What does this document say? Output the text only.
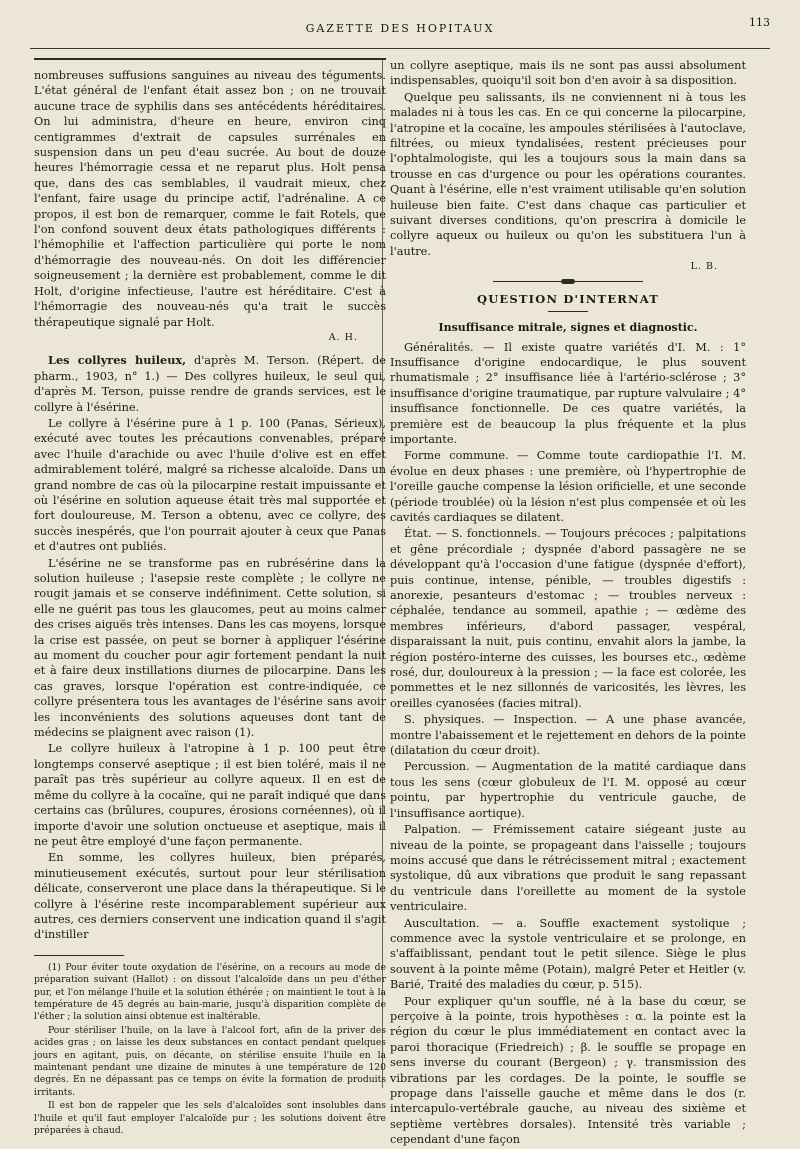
GAZETTE DES HOPITAUX	113

nombreuses suffusions sanguines au niveau des téguments. L'état général de l'enfant était assez bon ; on ne trouvait aucune trace de syphilis dans ses antécédents héréditaires. On lui administra, d'heure en heure, environ cinq centigrammes d'extrait de capsules surrénales en suspension dans un peu d'eau sucrée. Au bout de douze heures l'hémorragie cessa et ne reparut plus. Holt pensa que, dans des cas semblables, il vaudrait mieux, chez l'enfant, faire usage du principe actif, l'adrénaline. A ce propos, il est bon de remarquer, comme le fait Rotels, que l'on confond souvent deux états pathologiques différents : l'hémophilie et l'affection particulière qui porte le nom d'hémorragie des nouveau-nés. On doit les différencier soigneusement ; la dernière est probablement, comme le dit Holt, d'origine infectieuse, l'autre est héréditaire. C'est à l'hémorragie des nouveau-nés qu'a trait le succès thérapeutique signalé par Holt.

A. H.

Les collyres huileux, d'après M. Terson. (Répert. de pharm., 1903, n° 1.) — Des collyres huileux, le seul qui, d'après M. Terson, puisse rendre de grands services, est le collyre à l'ésérine.

Le collyre à l'ésérine pure à 1 p. 100 (Panas, Sérieux), exécuté avec toutes les précautions convenables, préparé avec l'huile d'arachide ou avec l'huile d'olive est en effet admirablement toléré, malgré sa richesse alcaloïde. Dans un grand nombre de cas où la pilocarpine restait impuissante et où l'ésérine en solution aqueuse était très mal supportée et fort douloureuse, M. Terson a obtenu, avec ce collyre, des succès inespérés, que l'on pourrait ajouter à ceux que Panas et d'autres ont publiés.

L'ésérine ne se transforme pas en rubrésérine dans la solution huileuse ; l'asepsie reste complète ; le collyre ne rougit jamais et se conserve indéfiniment. Cette solution, si elle ne guérit pas tous les glaucomes, peut au moins calmer des crises aiguës très intenses. Dans les cas moyens, lorsque la crise est passée, on peut se borner à appliquer l'ésérine au moment du coucher pour agir fortement pendant la nuit et à faire deux instillations diurnes de pilocarpine. Dans les cas graves, lorsque l'opération est contre-indiquée, ce collyre présentera tous les avantages de l'ésérine sans avoir les inconvénients des solutions aqueuses dont tant de médecins se plaignent avec raison (1).

Le collyre huileux à l'atropine à 1 p. 100 peut être longtemps conservé aseptique ; il est bien toléré, mais il ne paraît pas très supérieur au collyre aqueux. Il en est de même du collyre à la cocaïne, qui ne paraît indiqué que dans certains cas (brûlures, coupures, érosions cornéennes), où il importe d'avoir une solution onctueuse et aseptique, mais il ne peut être employé d'une façon permanente.

En somme, les collyres huileux, bien préparés, minutieusement exécutés, surtout pour leur stérilisation délicate, conserveront une place dans la thérapeutique. Si le collyre à l'ésérine reste incomparablement supérieur aux autres, ces derniers conservent une indication quand il s'agit d'instiller

(1) Pour éviter toute oxydation de l'ésérine, on a recours au mode de préparation suivant (Hallot) : on dissout l'alcaloïde dans un peu d'éther pur, et l'on mélange l'huile et la solution éthérée ; on maintient le tout à la température de 45 degrés au bain-marie, jusqu'à disparition complète de l'éther ; la solution ainsi obtenue est inaltérable.

Pour stériliser l'huile, on la lave à l'alcool fort, afin de la priver des acides gras ; on laisse les deux substances en contact pendant quelques jours en agitant, puis, on décante, on stérilise ensuite l'huile en la maintenant pendant une dizaine de minutes à une température de 120 degrés. En ne dépassant pas ce temps on évite la formation de produits irritants.

Il est bon de rappeler que les sels d'alcaloïdes sont insolubles dans l'huile et qu'il faut employer l'alcaloïde pur ; les solutions doivent être préparées à chaud.

un collyre aseptique, mais ils ne sont pas aussi absolument indispensables, quoiqu'il soit bon d'en avoir à sa disposition.

Quelque peu salissants, ils ne conviennent ni à tous les malades ni à tous les cas. En ce qui concerne la pilocarpine, l'atropine et la cocaïne, les ampoules stérilisées à l'autoclave, filtrées, ou mieux tyndalisées, restent précieuses pour l'ophtalmologiste, qui les a toujours sous la main dans sa trousse en cas d'urgence ou pour les opérations courantes. Quant à l'ésérine, elle n'est vraiment utilisable qu'en solution huileuse bien faite. C'est dans chaque cas particulier et suivant diverses conditions, qu'on prescrira à domicile le collyre aqueux ou huileux ou qu'on les substituera l'un à l'autre.

L. B.
QUESTION D'INTERNAT
Insuffisance mitrale, signes et diagnostic.

Généralités. — Il existe quatre variétés d'I. M. : 1° Insuffisance d'origine endocardique, le plus souvent rhumatismale ; 2° insuffisance liée à l'artério-sclérose ; 3° insuffisance d'origine traumatique, par rupture valvulaire ; 4° insuffisance fonctionnelle. De ces quatre variétés, la première est de beaucoup la plus fréquente et la plus importante.

Forme commune. — Comme toute cardiopathie l'I. M. évolue en deux phases : une première, où l'hypertrophie de l'oreille gauche compense la lésion orificielle, et une seconde (période troublée) où la lésion n'est plus compensée et où les cavités cardiaques se dilatent.

État. — S. fonctionnels. — Toujours précoces ; palpitations et gêne précordiale ; dyspnée d'abord passagère ne se développant qu'à l'occasion d'une fatigue (dyspnée d'effort), puis continue, intense, pénible, — troubles digestifs : anorexie, pesanteurs d'estomac ; — troubles nerveux : céphalée, tendance au sommeil, apathie ; — œdème des membres inférieurs, d'abord passager, vespéral, disparaissant la nuit, puis continu, envahit alors la jambe, la région postéro-interne des cuisses, les bourses etc., œdème rosé, dur, douloureux à la pression ; — la face est colorée, les pommettes et le nez sillonnés de varicosités, les lèvres, les oreilles cyanosées (facies mitral).

S. physiques. — Inspection. — A une phase avancée, montre l'abaissement et le rejettement en dehors de la pointe (dilatation du cœur droit).

Percussion. — Augmentation de la matité cardiaque dans tous les sens (cœur globuleux de l'I. M. opposé au cœur pointu, par hypertrophie du ventricule gauche, de l'insuffisance aortique).

Palpation. — Frémissement cataire siégeant juste au niveau de la pointe, se propageant dans l'aisselle ; toujours moins accusé que dans le rétrécissement mitral ; exactement systolique, dû aux vibrations que produit le sang repassant du ventricule dans l'oreillette au moment de la systole ventriculaire.

Auscultation. — a. Souffle exactement systolique ; commence avec la systole ventriculaire et se prolonge, en s'affaiblissant, pendant tout le petit silence. Siège le plus souvent à la pointe même (Potain), malgré Peter et Heitler (v. Barié, Traité des maladies du cœur, p. 515).

Pour expliquer qu'un souffle, né à la base du cœur, se perçoive à la pointe, trois hypothèses : α. la pointe est la région du cœur le plus immédiatement en contact avec la paroi thoracique (Friedreich) ; β. le souffle se propage en sens inverse du courant (Bergeon) ; γ. transmission des vibrations par les cordages. De la pointe, le souffle se propage dans l'aisselle gauche et même dans le dos (r. intercapulo-vertébrale gauche, au niveau des sixième et septième vertèbres dorsales). Intensité très variable ; cependant d'une façon
